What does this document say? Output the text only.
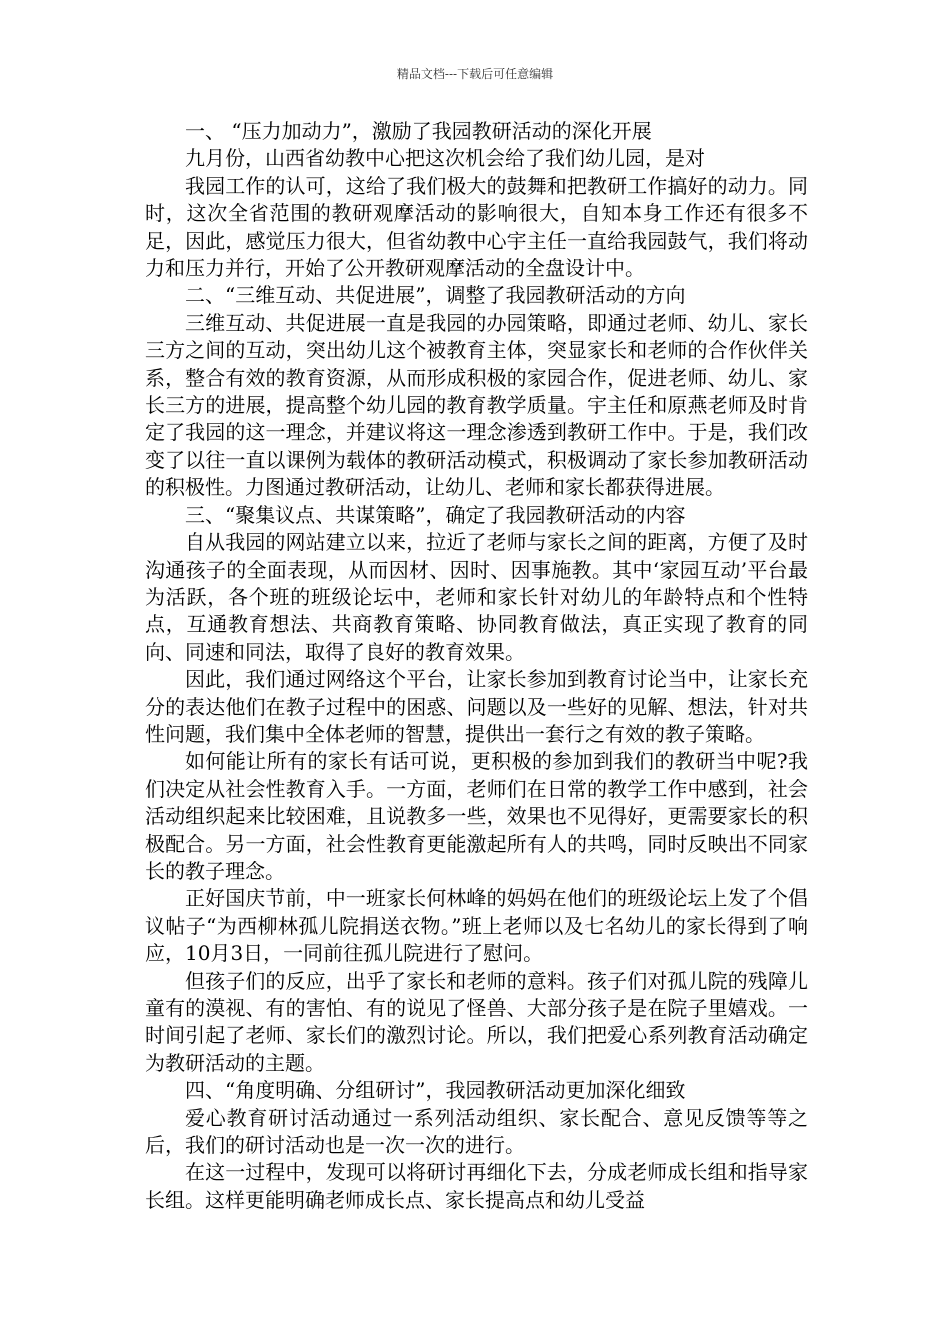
精品文档---下载后可任意编辑

一、 “压力加动力”，激励了我园教研活动的深化开展

九月份，山西省幼教中心把这次机会给了我们幼儿园，是对

我园工作的认可，这给了我们极大的鼓舞和把教研工作搞好的动力。同时，这次全省范围的教研观摩活动的影响很大，自知本身工作还有很多不足，因此，感觉压力很大，但省幼教中心宇主任一直给我园鼓气，我们将动力和压力并行，开始了公开教研观摩活动的全盘设计中。

二、“三维互动、共促进展”，调整了我园教研活动的方向

三维互动、共促进展一直是我园的办园策略，即通过老师、幼儿、家长三方之间的互动，突出幼儿这个被教育主体，突显家长和老师的合作伙伴关系，整合有效的教育资源，从而形成积极的家园合作，促进老师、幼儿、家长三方的进展，提高整个幼儿园的教育教学质量。宇主任和原燕老师及时肯定了我园的这一理念，并建议将这一理念渗透到教研工作中。于是，我们改变了以往一直以课例为载体的教研活动模式，积极调动了家长参加教研活动的积极性。力图通过教研活动，让幼儿、老师和家长都获得进展。

三、“聚集议点、共谋策略”，确定了我园教研活动的内容

自从我园的网站建立以来，拉近了老师与家长之间的距离，方便了及时沟通孩子的全面表现，从而因材、因时、因事施教。其中‘家园互动’平台最为活跃，各个班的班级论坛中，老师和家长针对幼儿的年龄特点和个性特点，互通教育想法、共商教育策略、协同教育做法，真正实现了教育的同向、同速和同法，取得了良好的教育效果。

因此，我们通过网络这个平台，让家长参加到教育讨论当中，让家长充分的表达他们在教子过程中的困惑、问题以及一些好的见解、想法，针对共性问题，我们集中全体老师的智慧，提供出一套行之有效的教子策略。

如何能让所有的家长有话可说，更积极的参加到我们的教研当中呢?我们决定从社会性教育入手。一方面，老师们在日常的教学工作中感到，社会活动组织起来比较困难，且说教多一些，效果也不见得好，更需要家长的积极配合。另一方面，社会性教育更能激起所有人的共鸣，同时反映出不同家长的教子理念。

正好国庆节前，中一班家长何林峰的妈妈在他们的班级论坛上发了个倡议帖子“为西柳林孤儿院捐送衣物。”班上老师以及七名幼儿的家长得到了响应，10月3日，一同前往孤儿院进行了慰问。

但孩子们的反应，出乎了家长和老师的意料。孩子们对孤儿院的残障儿童有的漠视、有的害怕、有的说见了怪兽、大部分孩子是在院子里嬉戏。一时间引起了老师、家长们的激烈讨论。所以，我们把爱心系列教育活动确定为教研活动的主题。

四、“角度明确、分组研讨”，我园教研活动更加深化细致

爱心教育研讨活动通过一系列活动组织、家长配合、意见反馈等等之后，我们的研讨活动也是一次一次的进行。

在这一过程中，发现可以将研讨再细化下去，分成老师成长组和指导家长组。这样更能明确老师成长点、家长提高点和幼儿受益
